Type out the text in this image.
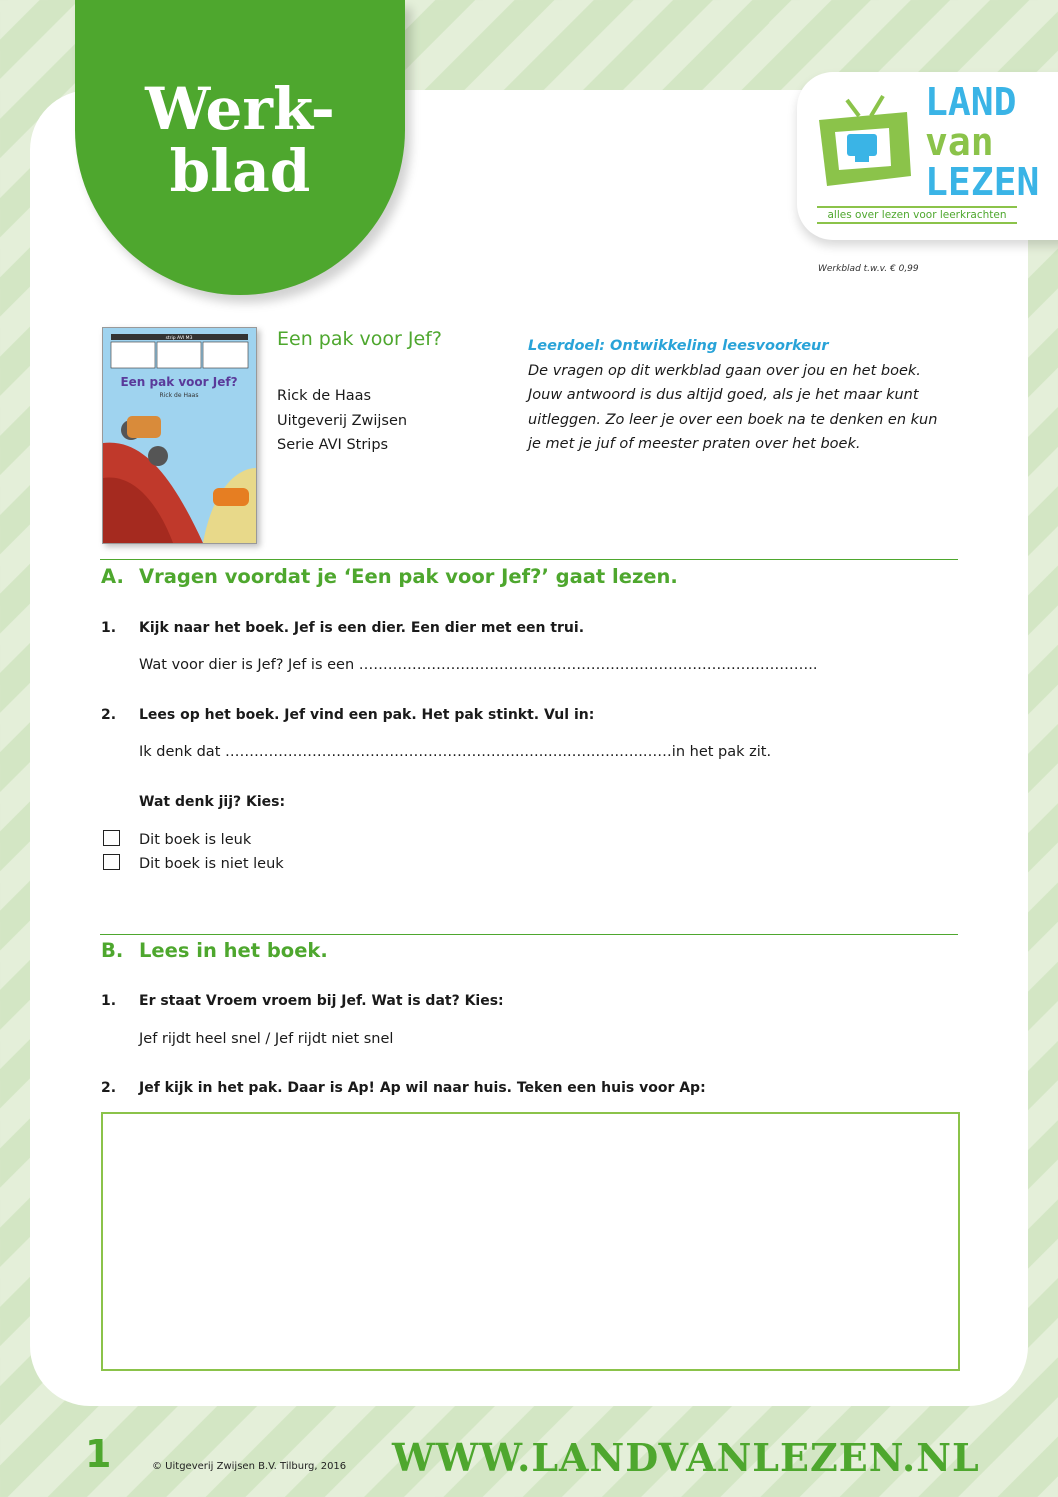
Werk-
blad
LAND
van
LEZEN
alles over lezen voor leerkrachten
Werkblad t.w.v. € 0,99
strip AVI M3
Een pak voor Jef?
Rick de Haas
Een pak voor Jef?
Rick de Haas
Uitgeverij Zwijsen
Serie AVI Strips
Leerdoel: Ontwikkeling leesvoorkeur
De vragen op dit werkblad gaan over jou en het boek. Jouw antwoord is dus altijd goed, als je het maar kunt uitleggen. Zo leer je over een boek na te denken en kun je met je juf of meester praten over het boek.
A. Vragen voordat je ‘Een pak voor Jef?’ gaat lezen.
1. Kijk naar het boek. Jef is een dier. Een dier met een trui.
Wat voor dier is Jef? Jef is een …………………………………………………………………………………..
2. Lees op het boek. Jef vind een pak. Het pak stinkt. Vul in:
Ik denk dat ……………………………………………………..…..…..…..…..…..……in het pak zit.
Wat denk jij? Kies:
Dit boek is leuk
Dit boek is niet leuk
B. Lees in het boek.
1. Er staat Vroem vroem bij Jef. Wat is dat? Kies:
Jef rijdt heel snel / Jef rijdt niet snel
2. Jef kijk in het pak. Daar is Ap! Ap wil naar huis. Teken een huis voor Ap:
1	© Uitgeverij Zwijsen B.V. Tilburg, 2016 WWW.LANDVANLEZEN.NL
